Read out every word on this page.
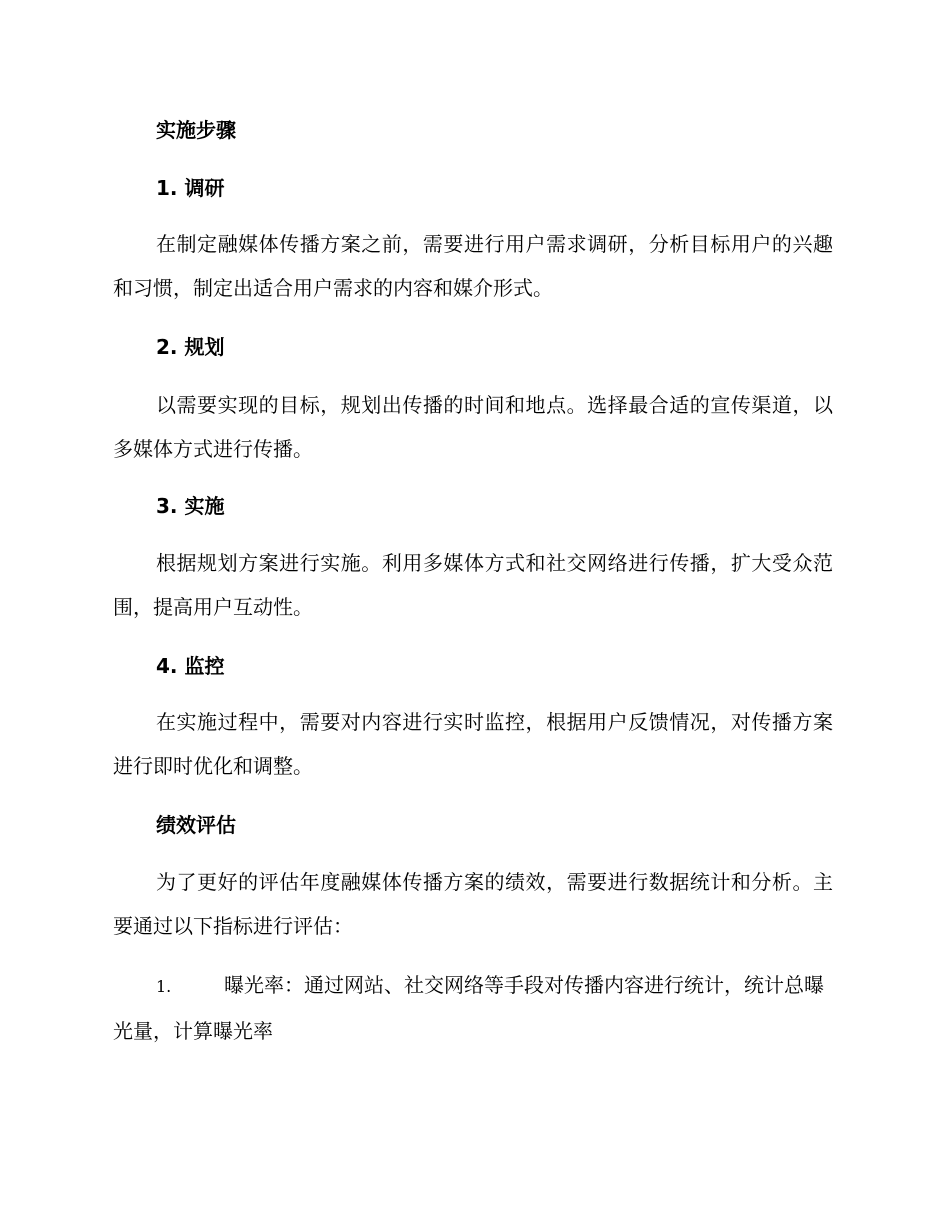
实施步骤
1. 调研
在制定融媒体传播方案之前，需要进行用户需求调研，分析目标用户的兴趣和习惯，制定出适合用户需求的内容和媒介形式。
2. 规划
以需要实现的目标，规划出传播的时间和地点。选择最合适的宣传渠道，以多媒体方式进行传播。
3. 实施
根据规划方案进行实施。利用多媒体方式和社交网络进行传播，扩大受众范围，提高用户互动性。
4. 监控
在实施过程中，需要对内容进行实时监控，根据用户反馈情况，对传播方案进行即时优化和调整。
绩效评估
为了更好的评估年度融媒体传播方案的绩效，需要进行数据统计和分析。主要通过以下指标进行评估：
1.	曝光率：通过网站、社交网络等手段对传播内容进行统计，统计总曝光量，计算曝光率
